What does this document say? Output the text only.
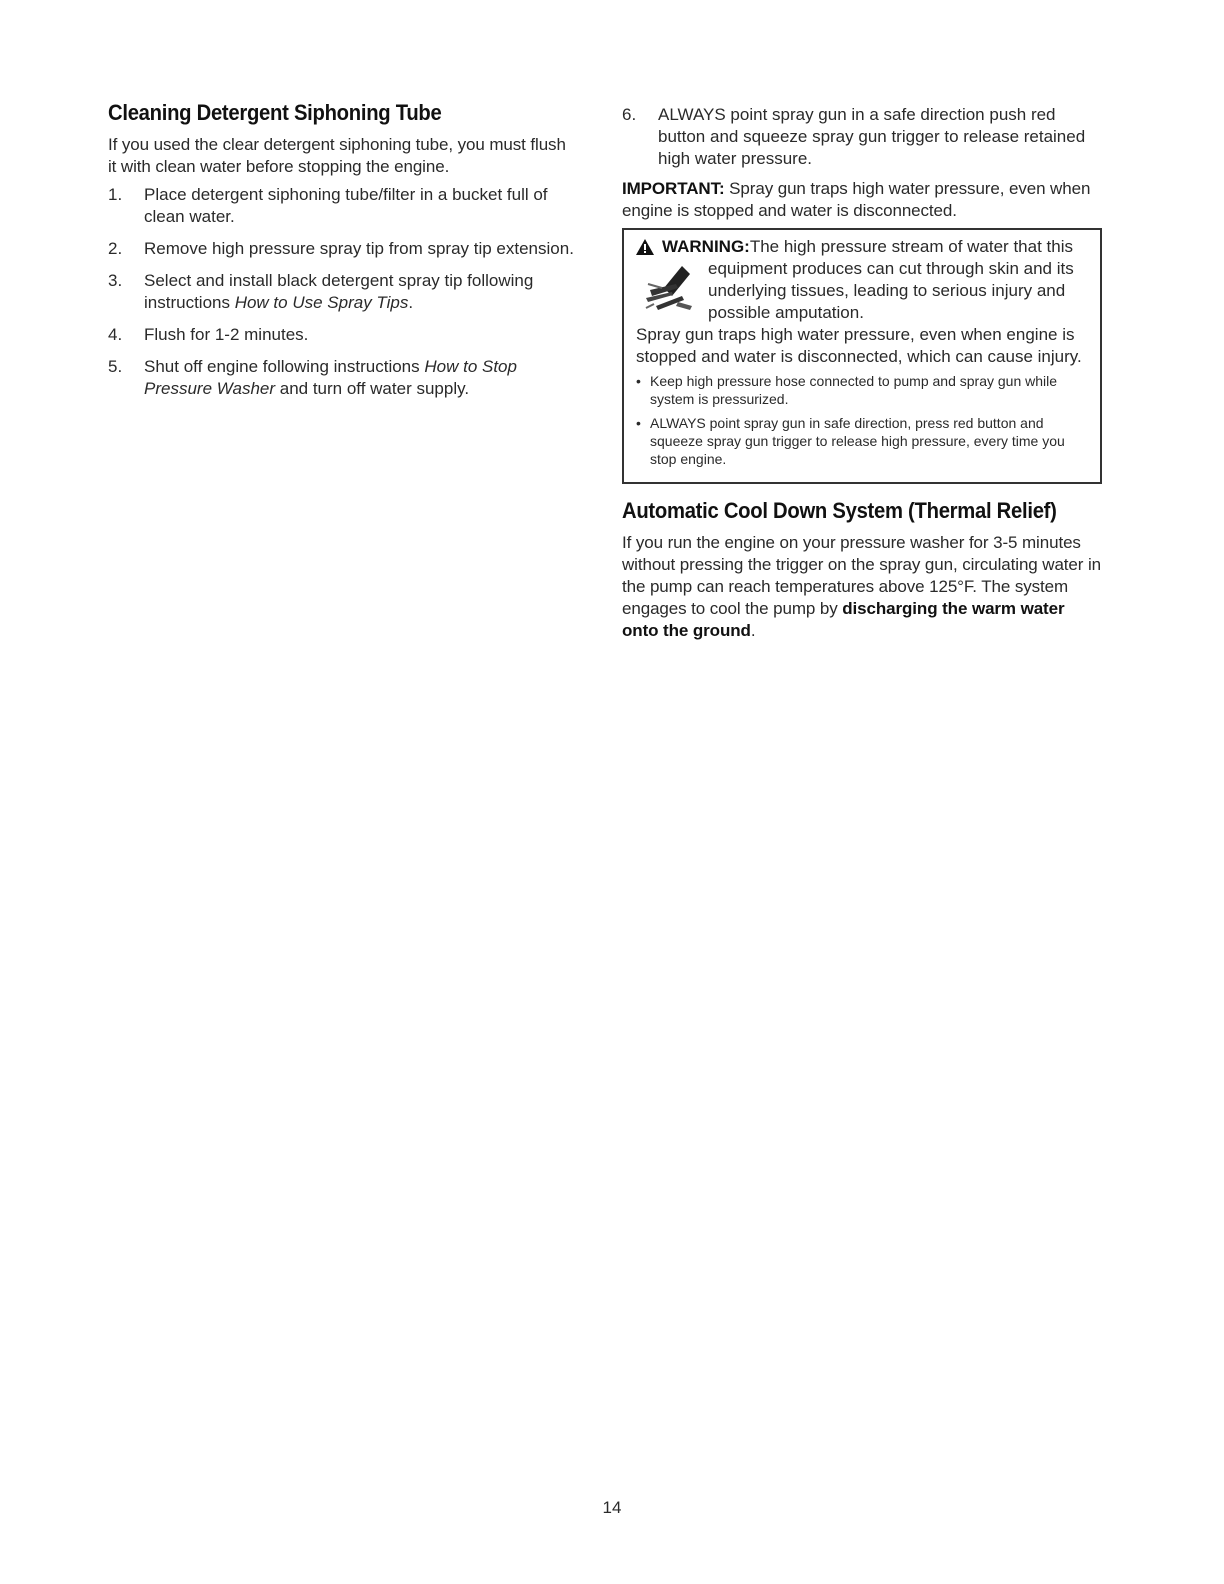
Cleaning Detergent Siphoning Tube

If you used the clear detergent siphoning tube, you must flush it with clean water before stopping the engine.

1. Place detergent siphoning tube/filter in a bucket full of clean water.
2. Remove high pressure spray tip from spray tip extension.
3. Select and install black detergent spray tip following instructions How to Use Spray Tips.
4. Flush for 1-2 minutes.
5. Shut off engine following instructions How to Stop Pressure Washer and turn off water supply.
6. ALWAYS point spray gun in a safe direction push red button and squeeze spray gun trigger to release retained high water pressure.

IMPORTANT: Spray gun traps high water pressure, even when engine is stopped and water is disconnected.

WARNING: The high pressure stream of water that this
equipment produces can cut through skin and its underlying tissues, leading to serious injury and possible amputation.
Spray gun traps high water pressure, even when engine is stopped and water is disconnected, which can cause injury.
• Keep high pressure hose connected to pump and spray gun while system is pressurized.
• ALWAYS point spray gun in safe direction, press red button and squeeze spray gun trigger to release high pressure, every time you stop engine.
Automatic Cool Down System (Thermal Relief)

If you run the engine on your pressure washer for 3-5 minutes without pressing the trigger on the spray gun, circulating water in the pump can reach temperatures above 125°F. The system engages to cool the pump by discharging the warm water onto the ground.

14
